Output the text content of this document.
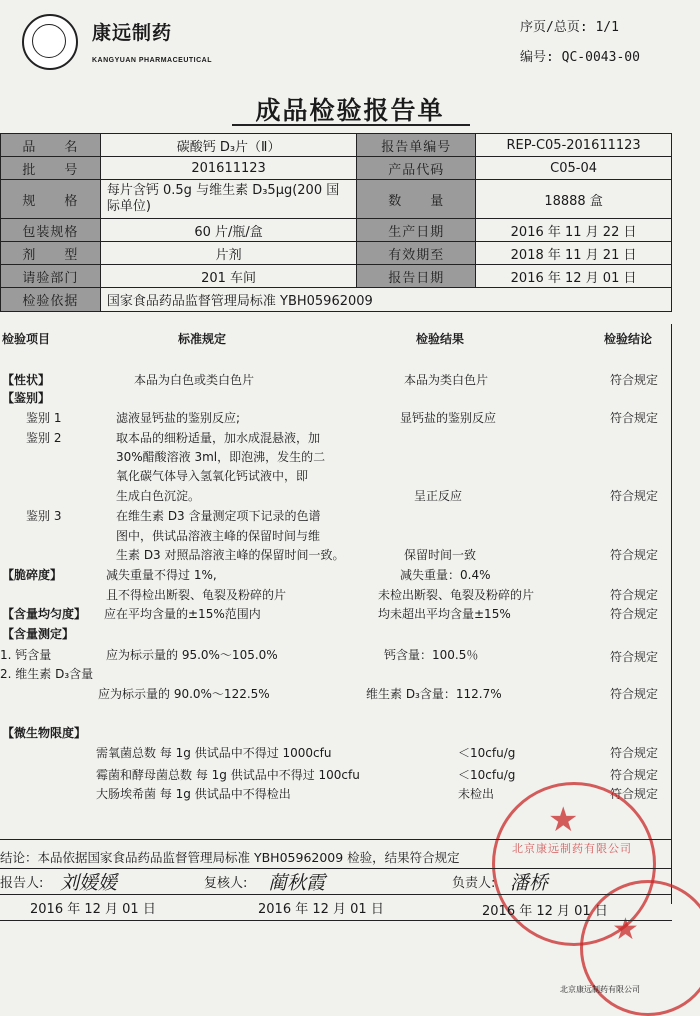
康远制药
KANGYUAN PHARMACEUTICAL
序页/总页: 1/1
编号: QC-0043-00
成品检验报告单
品　　名	碳酸钙 D₃片（Ⅱ）	报告单编号	REP-C05-201611123
批　　号	201611123	产品代码	C05-04
规　　格	每片含钙 0.5g 与维生素 D₃5μg(200 国际单位)	数　　量	18888 盒
包装规格	60 片/瓶/盒	生产日期	2016 年 11 月 22 日
剂　　型	片剂	有效期至	2018 年 11 月 21 日
请验部门	201 车间	报告日期	2016 年 12 月 01 日
检验依据	国家食品药品监督管理局标准 YBH05962009		
检验项目	标准规定	检验结果	检验结论
【性状】	本品为白色或类白色片	本品为类白色片	符合规定
【鉴别】
鉴别 1	滤液显钙盐的鉴别反应;	显钙盐的鉴别反应	符合规定
鉴别 2	取本品的细粉适量，加水成混悬液，加
30%醋酸溶液 3ml，即泡沸，发生的二
氧化碳气体导入氢氧化钙试液中，即
生成白色沉淀。	呈正反应	符合规定
鉴别 3	在维生素 D3 含量测定项下记录的色谱
图中，供试品溶液主峰的保留时间与维
生素 D3 对照品溶液主峰的保留时间一致。	保留时间一致	符合规定
【脆碎度】	减失重量不得过 1%,	减失重量：0.4%
且不得检出断裂、龟裂及粉碎的片	未检出断裂、龟裂及粉碎的片	符合规定
【含量均匀度】 应在平均含量的±15%范围内	均未超出平均含量±15%	符合规定
【含量测定】
1. 钙含量	应为标示量的 95.0%～105.0%	钙含量：100.5％	符合规定
2. 维生素 D₃含量
应为标示量的 90.0%～122.5%	维生素 D₃含量：112.7%	符合规定
【微生物限度】
需氧菌总数 每 1g 供试品中不得过 1000cfu	＜10cfu/g	符合规定
霉菌和酵母菌总数 每 1g 供试品中不得过 100cfu	＜10cfu/g	符合规定
大肠埃希菌 每 1g 供试品中不得检出	未检出	符合规定
★
北京康远制药有限公司
★
结论：本品依据国家食品药品监督管理局标准 YBH05962009 检验，结果符合规定
报告人: 刘媛媛	复核人: 蔺秋霞	负责人: 潘桥
2016 年 12 月 01 日	2016 年 12 月 01 日	2016 年 12 月 01 日
北京康远制药有限公司
